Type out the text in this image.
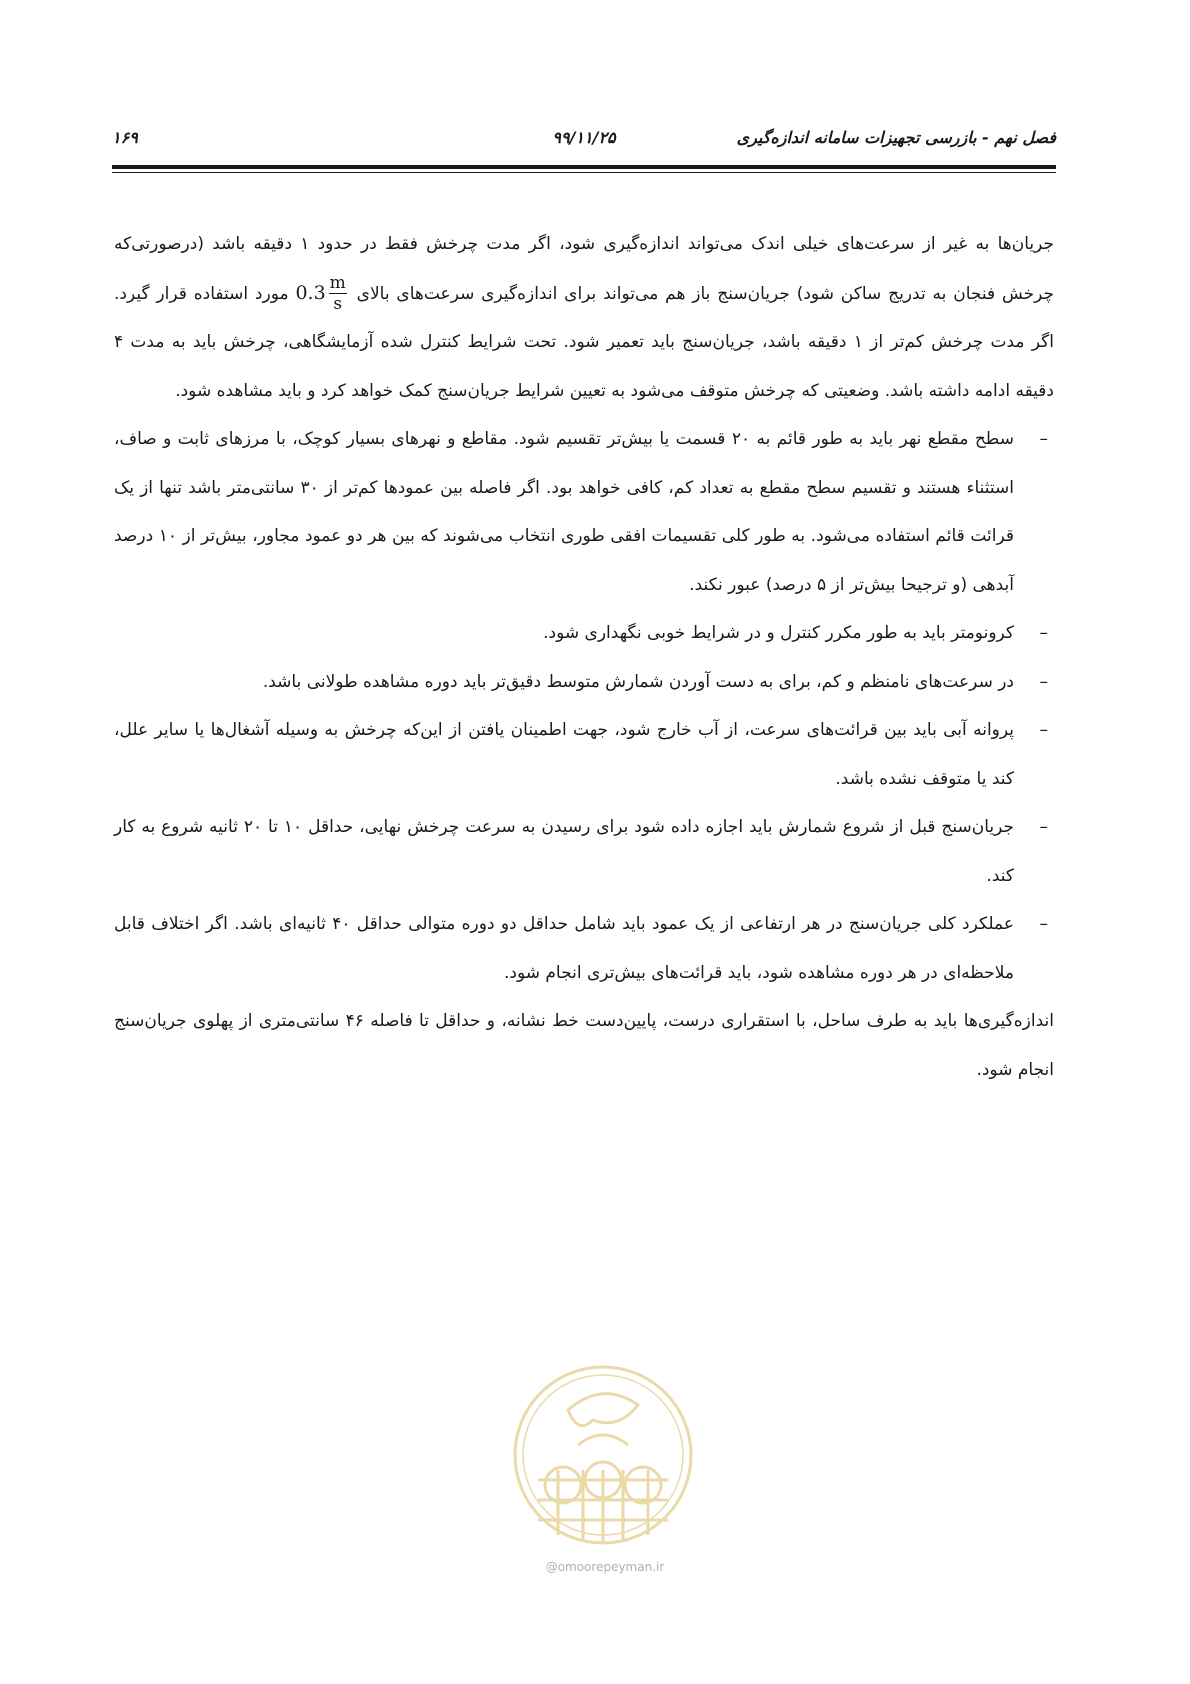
فصل نهم - بازرسی تجهیزات سامانه اندازه‌گیری
۹۹/۱۱/۲۵
۱۶۹

جریان‌ها به غیر از سرعت‌های خیلی اندک می‌تواند اندازه‌گیری شود، اگر مدت چرخش فقط در حدود ۱ دقیقه باشد (درصورتی‌که چرخش فنجان به تدریج ساکن شود) جریان‌سنج باز هم می‌تواند برای اندازه‌گیری سرعت‌های بالای $0.3 \frac{m}{s}$
مورد استفاده قرار گیرد. اگر مدت چرخش کم‌تر از ۱ دقیقه باشد، جریان‌سنج باید تعمیر شود. تحت شرایط کنترل شده آزمایشگاهی، چرخش باید به مدت ۴ دقیقه ادامه داشته باشد. وضعیتی که چرخش متوقف می‌شود به تعیین شرایط جریان‌سنج کمک خواهد کرد و باید مشاهده شود.

–
سطح مقطع نهر باید به طور قائم به ۲۰ قسمت یا بیش‌تر تقسیم شود. مقاطع و نهرهای بسیار کوچک، با مرزهای ثابت و صاف، استثناء هستند و تقسیم سطح مقطع به تعداد کم، کافی خواهد بود. اگر فاصله بین عمودها کم‌تر از ۳۰ سانتی‌متر باشد تنها از یک قرائت قائم استفاده می‌شود. به طور کلی تقسیمات افقی طوری انتخاب می‌شوند که بین هر دو عمود مجاور، بیش‌تر از ۱۰ درصد آبدهی (و ترجیحا بیش‌تر از ۵ درصد) عبور نکند.
–
کرونومتر باید به طور مکرر کنترل و در شرایط خوبی نگهداری شود.
–
در سرعت‌های نامنظم و کم، برای به دست آوردن شمارش متوسط دقیق‌تر باید دوره مشاهده طولانی باشد.
–
پروانه آبی باید بین قرائت‌های سرعت، از آب خارج شود، جهت اطمینان یافتن از این‌که چرخش به وسیله آشغال‌ها یا سایر علل، کند یا متوقف نشده باشد.
–
جریان‌سنج قبل از شروع شمارش باید اجازه داده شود برای رسیدن به سرعت چرخش نهایی، حداقل ۱۰ تا ۲۰ ثانیه شروع به کار کند.
–
عملکرد کلی جریان‌سنج در هر ارتفاعی از یک عمود باید شامل حداقل دو دوره متوالی حداقل ۴۰ ثانیه‌ای باشد. اگر اختلاف قابل ملاحظه‌ای در هر دوره مشاهده شود، باید قرائت‌های بیش‌تری انجام شود.

اندازه‌گیری‌ها باید به طرف ساحل، با استقراری درست، پایین‌دست خط نشانه، و حداقل تا فاصله ۴۶ سانتی‌متری از پهلوی جریان‌سنج انجام شود.

@omoorepeyman.ir
